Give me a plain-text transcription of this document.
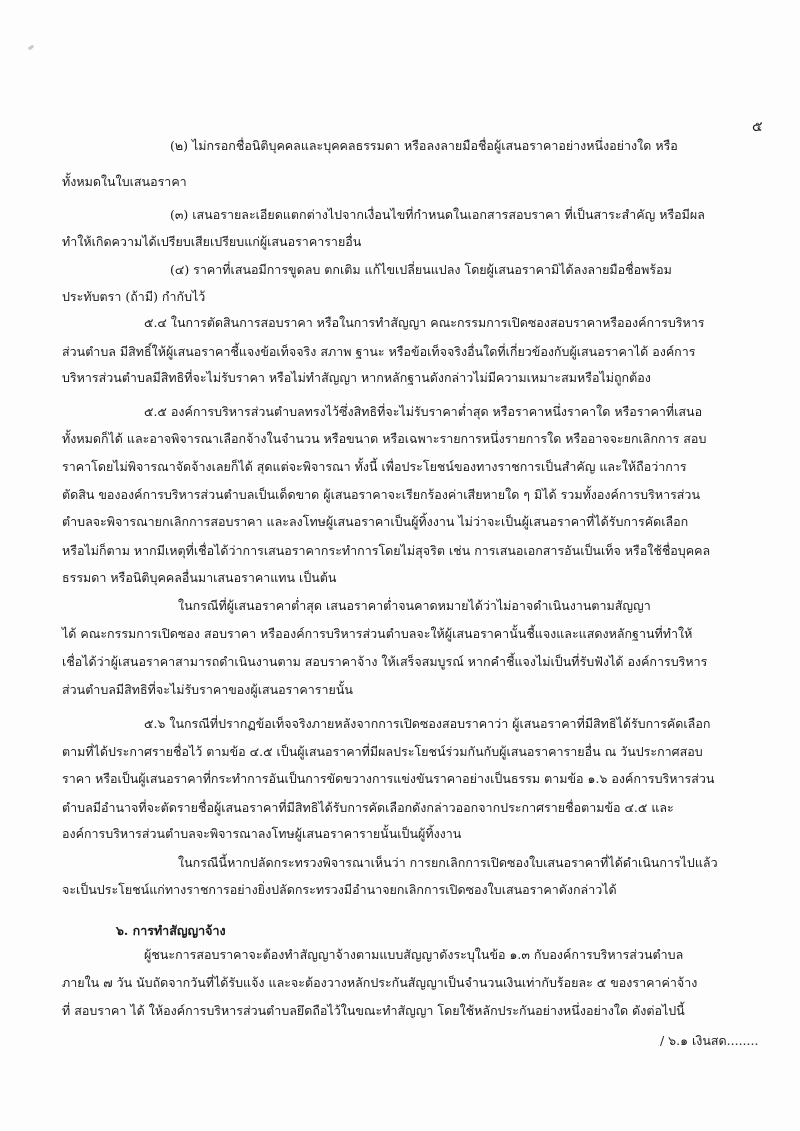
๕
(๒) ไม่กรอกชื่อนิติบุคคลและบุคคลธรรมดา หรือลงลายมือชื่อผู้เสนอราคาอย่างหนึ่งอย่างใด หรือ
ทั้งหมดในใบเสนอราคา
(๓) เสนอรายละเอียดแตกต่างไปจากเงื่อนไขที่กำหนดในเอกสารสอบราคา ที่เป็นสาระสำคัญ หรือมีผล
ทำให้เกิดความได้เปรียบเสียเปรียบแก่ผู้เสนอราคารายอื่น
(๔) ราคาที่เสนอมีการขูดลบ ตกเติม แก้ไขเปลี่ยนแปลง โดยผู้เสนอราคามิได้ลงลายมือชื่อพร้อม
ประทับตรา (ถ้ามี) กำกับไว้
๕.๔ ในการตัดสินการสอบราคา หรือในการทำสัญญา คณะกรรมการเปิดซองสอบราคาหรือองค์การบริหาร
ส่วนตำบล มีสิทธิ์ให้ผู้เสนอราคาชี้แจงข้อเท็จจริง สภาพ ฐานะ หรือข้อเท็จจริงอื่นใดที่เกี่ยวข้องกับผู้เสนอราคาได้ องค์การ
บริหารส่วนตำบลมีสิทธิที่จะไม่รับราคา หรือไม่ทำสัญญา หากหลักฐานดังกล่าวไม่มีความเหมาะสมหรือไม่ถูกต้อง
๕.๕ องค์การบริหารส่วนตำบลทรงไว้ซึ่งสิทธิที่จะไม่รับราคาต่ำสุด หรือราคาหนึ่งราคาใด หรือราคาที่เสนอ
ทั้งหมดก็ได้ และอาจพิจารณาเลือกจ้างในจำนวน หรือขนาด หรือเฉพาะรายการหนึ่งรายการใด หรืออาจจะยกเลิกการ สอบ
ราคาโดยไม่พิจารณาจัดจ้างเลยก็ได้ สุดแต่จะพิจารณา ทั้งนี้ เพื่อประโยชน์ของทางราชการเป็นสำคัญ และให้ถือว่าการ
ตัดสิน ขององค์การบริหารส่วนตำบลเป็นเด็ดขาด ผู้เสนอราคาจะเรียกร้องค่าเสียหายใด ๆ มิได้ รวมทั้งองค์การบริหารส่วน
ตำบลจะพิจารณายกเลิกการสอบราคา และลงโทษผู้เสนอราคาเป็นผู้ทิ้งงาน ไม่ว่าจะเป็นผู้เสนอราคาที่ได้รับการคัดเลือก
หรือไม่ก็ตาม หากมีเหตุที่เชื่อได้ว่าการเสนอราคากระทำการโดยไม่สุจริต เช่น การเสนอเอกสารอันเป็นเท็จ หรือใช้ชื่อบุคคล
ธรรมดา หรือนิติบุคคลอื่นมาเสนอราคาแทน เป็นต้น
ในกรณีที่ผู้เสนอราคาต่ำสุด เสนอราคาต่ำจนคาดหมายได้ว่าไม่อาจดำเนินงานตามสัญญา
ได้ คณะกรรมการเปิดซอง สอบราคา หรือองค์การบริหารส่วนตำบลจะให้ผู้เสนอราคานั้นชี้แจงและแสดงหลักฐานที่ทำให้
เชื่อได้ว่าผู้เสนอราคาสามารถดำเนินงานตาม สอบราคาจ้าง ให้เสร็จสมบูรณ์ หากคำชี้แจงไม่เป็นที่รับฟังได้ องค์การบริหาร
ส่วนตำบลมีสิทธิที่จะไม่รับราคาของผู้เสนอราคารายนั้น
๕.๖ ในกรณีที่ปรากฏข้อเท็จจริงภายหลังจากการเปิดซองสอบราคาว่า ผู้เสนอราคาที่มีสิทธิได้รับการคัดเลือก
ตามที่ได้ประกาศรายชื่อไว้ ตามข้อ ๔.๕ เป็นผู้เสนอราคาที่มีผลประโยชน์ร่วมกันกับผู้เสนอราคารายอื่น ณ วันประกาศสอบ
ราคา หรือเป็นผู้เสนอราคาที่กระทำการอันเป็นการขัดขวางการแข่งขันราคาอย่างเป็นธรรม ตามข้อ ๑.๖ องค์การบริหารส่วน
ตำบลมีอำนาจที่จะตัดรายชื่อผู้เสนอราคาที่มีสิทธิได้รับการคัดเลือกดังกล่าวออกจากประกาศรายชื่อตามข้อ ๔.๕ และ
องค์การบริหารส่วนตำบลจะพิจารณาลงโทษผู้เสนอราคารายนั้นเป็นผู้ทิ้งงาน
ในกรณีนี้หากปลัดกระทรวงพิจารณาเห็นว่า การยกเลิกการเปิดซองใบเสนอราคาที่ได้ดำเนินการไปแล้ว
จะเป็นประโยชน์แก่ทางราชการอย่างยิ่งปลัดกระทรวงมีอำนาจยกเลิกการเปิดซองใบเสนอราคาดังกล่าวได้
๖. การทำสัญญาจ้าง
ผู้ชนะการสอบราคาจะต้องทำสัญญาจ้างตามแบบสัญญาดังระบุในข้อ ๑.๓ กับองค์การบริหารส่วนตำบล
ภายใน ๗ วัน นับถัดจากวันที่ได้รับแจ้ง และจะต้องวางหลักประกันสัญญาเป็นจำนวนเงินเท่ากับร้อยละ ๕ ของราคาค่าจ้าง
ที่ สอบราคา ได้ ให้องค์การบริหารส่วนตำบลยึดถือไว้ในขณะทำสัญญา โดยใช้หลักประกันอย่างหนึ่งอย่างใด ดังต่อไปนี้
/ ๖.๑ เงินสด........
